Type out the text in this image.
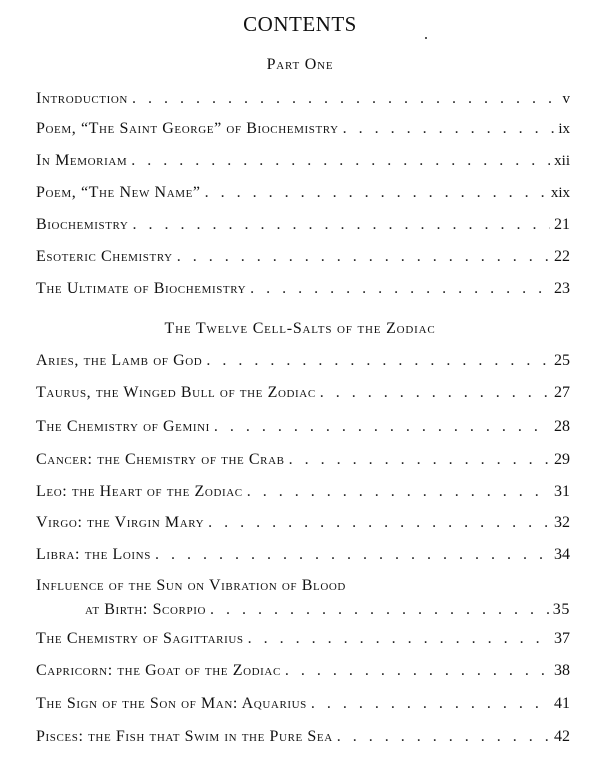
CONTENTS
Part One
Introduction . . .	v
Poem, “The Saint George” of Biochemistry . . .	ix
In Memoriam . . .	xii
Poem, “The New Name” . . .	xix
Biochemistry . . .	21
Esoteric Chemistry . . .	22
The Ultimate of Biochemistry . . .	23
The Twelve Cell-Salts of the Zodiac
Aries, the Lamb of God . . .	25
Taurus, the Winged Bull of the Zodiac . . .	27
The Chemistry of Gemini . . .	28
Cancer: the Chemistry of the Crab . . .	29
Leo: the Heart of the Zodiac . . .	31
Virgo: the Virgin Mary . . .	32
Libra: the Loins . . .	34
Influence of the Sun on Vibration of Blood
at Birth: Scorpio . . .	35
The Chemistry of Sagittarius . . .	37
Capricorn: the Goat of the Zodiac . . .	38
The Sign of the Son of Man: Aquarius . . .	41
Pisces: the Fish that Swim in the Pure Sea . . .	42
